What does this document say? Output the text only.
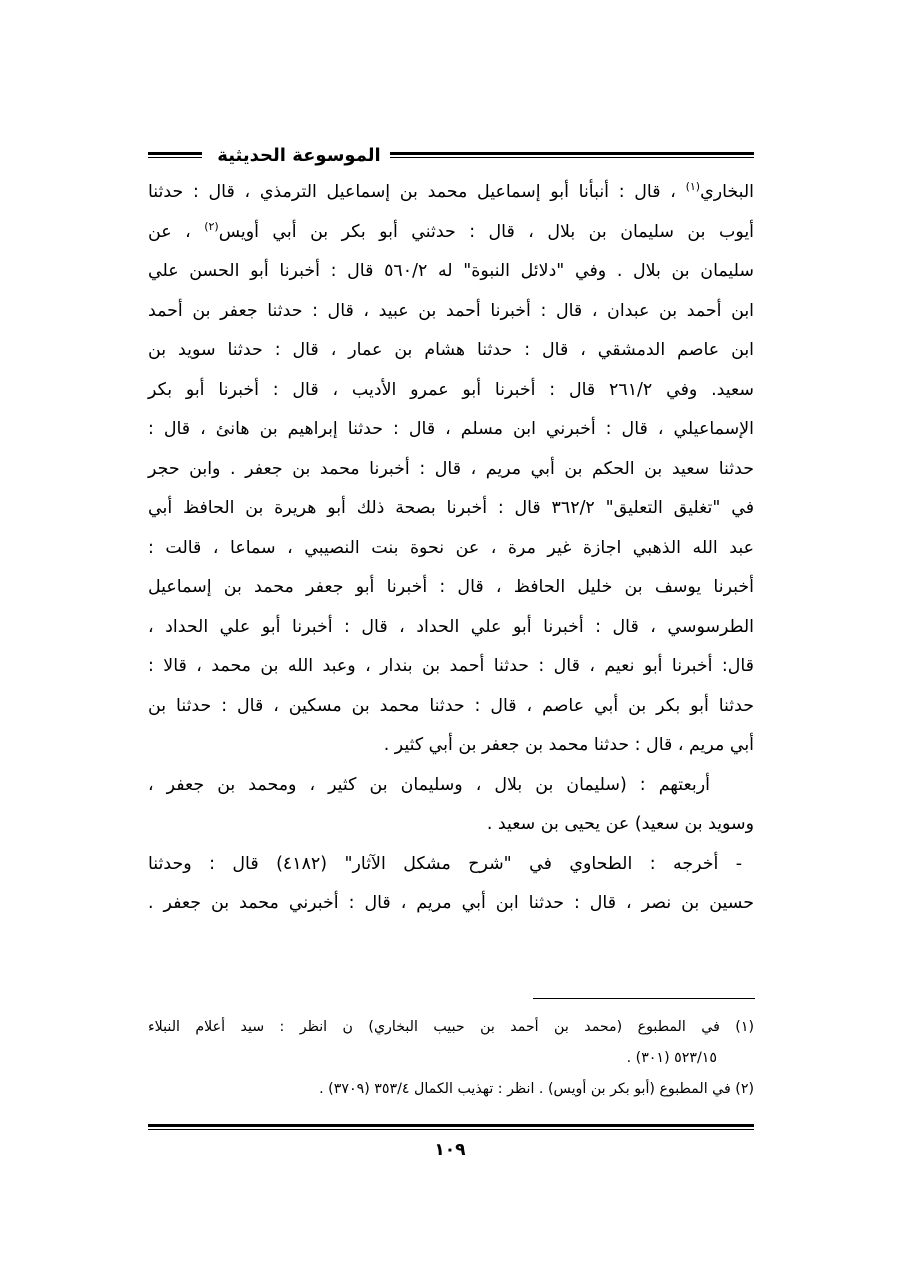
الموسوعة الحديثية
البخاري$^{(١)}$ ، قال : أنبأنا أبو إسماعيل محمد بن إسماعيل الترمذي ، قال : حدثنا
أيوب بن سليمان بن بلال ، قال : حدثني أبو بكر بن أبي أويس$^{(٢)}$ ، عن
سليمان بن بلال . وفي "دلائل النبوة" له ٥٦٠/٢ قال : أخبرنا أبو الحسن علي
ابن أحمد بن عبدان ، قال : أخبرنا أحمد بن عبيد ، قال : حدثنا جعفر بن أحمد
ابن عاصم الدمشقي ، قال : حدثنا هشام بن عمار ، قال : حدثنا سويد بن
سعيد. وفي ٢٦١/٢ قال : أخبرنا أبو عمرو الأديب ، قال : أخبرنا أبو بكر
الإسماعيلي ، قال : أخبرني ابن مسلم ، قال : حدثنا إبراهيم بن هانئ ، قال :
حدثنا سعيد بن الحكم بن أبي مريم ، قال : أخبرنا محمد بن جعفر . وابن حجر
في "تغليق التعليق" ٣٦٢/٢ قال : أخبرنا بصحة ذلك أبو هريرة بن الحافظ أبي
عبد الله الذهبي اجازة غير مرة ، عن نحوة بنت النصيبي ، سماعا ، قالت :
أخبرنا يوسف بن خليل الحافظ ، قال : أخبرنا أبو جعفر محمد بن إسماعيل
الطرسوسي ، قال : أخبرنا أبو علي الحداد ، قال : أخبرنا أبو علي الحداد ،
قال: أخبرنا أبو نعيم ، قال : حدثنا أحمد بن بندار ، وعبد الله بن محمد ، قالا :
حدثنا أبو بكر بن أبي عاصم ، قال : حدثنا محمد بن مسكين ، قال : حدثنا بن
أبي مريم ، قال : حدثنا محمد بن جعفر بن أبي كثير .
أربعتهم : (سليمان بن بلال ، وسليمان بن كثير ، ومحمد بن جعفر ،
وسويد بن سعيد) عن يحيى بن سعيد .
- أخرجه : الطحاوي في "شرح مشكل الآثار" (٤١٨٢) قال : وحدثنا
حسين بن نصر ، قال : حدثنا ابن أبي مريم ، قال : أخبرني محمد بن جعفر .
(١) في المطبوع (محمد بن أحمد بن حبيب البخاري) ن انظر : سيد أعلام النبلاء
٥٢٣/١٥ (٣٠١) .
(٢) في المطبوع (أبو بكر بن أويس) . انظر : تهذيب الكمال ٣٥٣/٤ (٣٧٠٩) .
١٠٩
